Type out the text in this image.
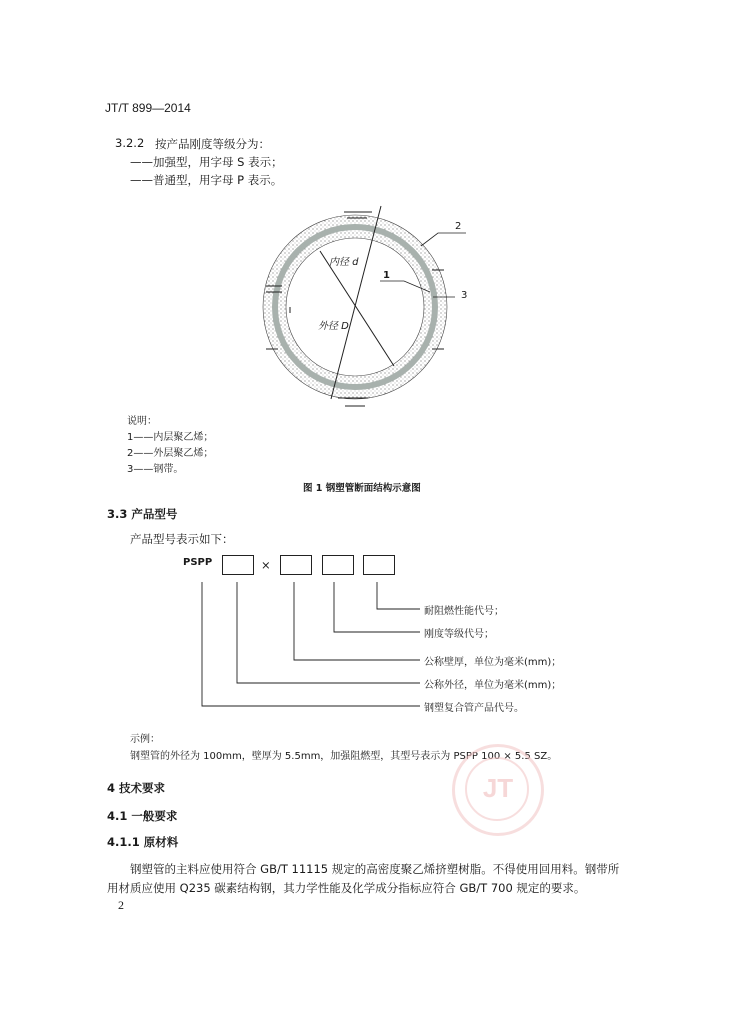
JT/T 899—2014
3.2.2 按产品刚度等级分为：
——加强型，用字母 S 表示；
——普通型，用字母 P 表示。
内径 d
外径 D
1
2
3
说明：
1——内层聚乙烯；
2——外层聚乙烯；
3——钢带。
图 1 钢塑管断面结构示意图
3.3 产品型号
产品型号表示如下：
PSPP	×
耐阻燃性能代号；
刚度等级代号；
公称壁厚，单位为毫米(mm)；
公称外径，单位为毫米(mm)；
钢塑复合管产品代号。
示例：
钢塑管的外径为 100mm，壁厚为 5.5mm，加强阻燃型，其型号表示为 PSPP 100 × 5.5 SZ。
JT
4 技术要求
4.1 一般要求
4.1.1 原材料
钢塑管的主料应使用符合 GB/T 11115 规定的高密度聚乙烯挤塑树脂。不得使用回用料。钢带所
用材质应使用 Q235 碳素结构钢，其力学性能及化学成分指标应符合 GB/T 700 规定的要求。
2
